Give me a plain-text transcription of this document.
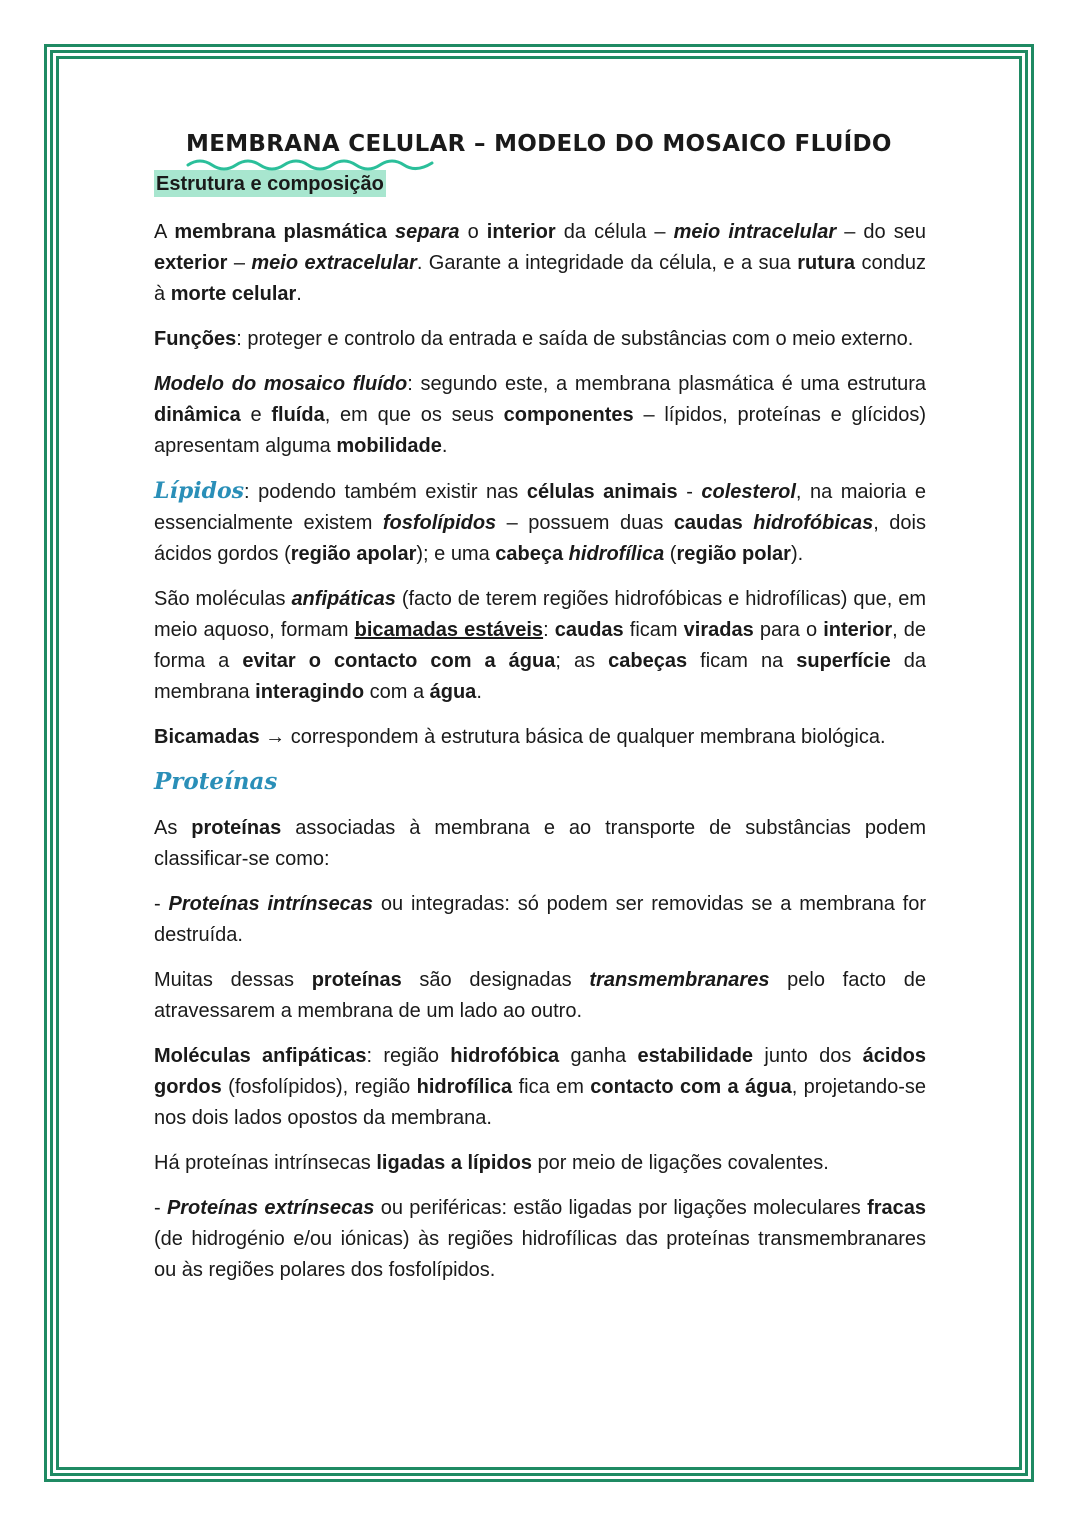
MEMBRANA CELULAR – MODELO DO MOSAICO FLUÍDO
Estrutura e composição

A membrana plasmática separa o interior da célula – meio intracelular – do seu exterior – meio extracelular. Garante a integridade da célula, e a sua rutura conduz à morte celular.

Funções: proteger e controlo da entrada e saída de substâncias com o meio externo.

Modelo do mosaico fluído: segundo este, a membrana plasmática é uma estrutura dinâmica e fluída, em que os seus componentes – lípidos, proteínas e glícidos) apresentam alguma mobilidade.

Lípidos: podendo também existir nas células animais - colesterol, na maioria e essencialmente existem fosfolípidos – possuem duas caudas hidrofóbicas, dois ácidos gordos (região apolar); e uma cabeça hidrofílica (região polar).

São moléculas anfipáticas (facto de terem regiões hidrofóbicas e hidrofílicas) que, em meio aquoso, formam bicamadas estáveis: caudas ficam viradas para o interior, de forma a evitar o contacto com a água; as cabeças ficam na superfície da membrana interagindo com a água.

Bicamadas → correspondem à estrutura básica de qualquer membrana biológica.

Proteínas

As proteínas associadas à membrana e ao transporte de substâncias podem classificar-se como:

- Proteínas intrínsecas ou integradas: só podem ser removidas se a membrana for destruída.

Muitas dessas proteínas são designadas transmembranares pelo facto de atravessarem a membrana de um lado ao outro.

Moléculas anfipáticas: região hidrofóbica ganha estabilidade junto dos ácidos gordos (fosfolípidos), região hidrofílica fica em contacto com a água, projetando-se nos dois lados opostos da membrana.

Há proteínas intrínsecas ligadas a lípidos por meio de ligações covalentes.

- Proteínas extrínsecas ou periféricas: estão ligadas por ligações moleculares fracas (de hidrogénio e/ou iónicas) às regiões hidrofílicas das proteínas transmembranares ou às regiões polares dos fosfolípidos.
